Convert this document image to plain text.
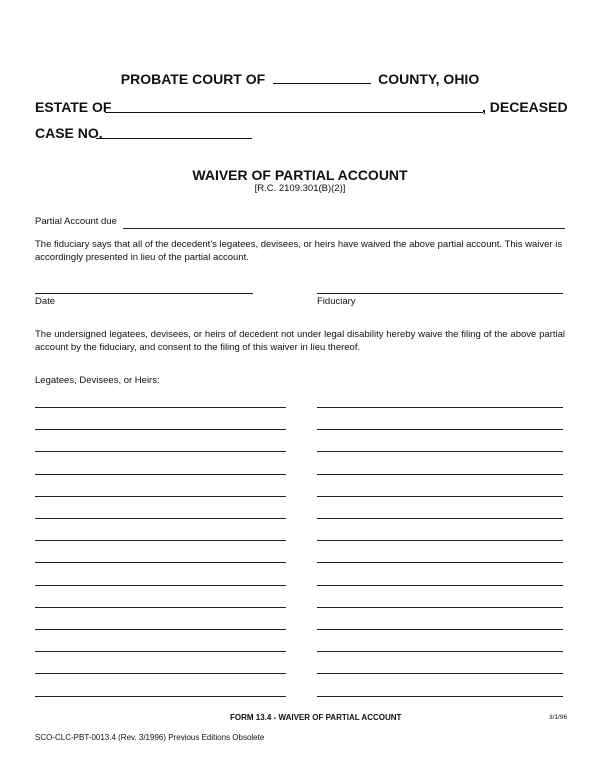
PROBATE COURT OF	COUNTY, OHIO
ESTATE OF	, DECEASED
CASE NO.
WAIVER OF PARTIAL ACCOUNT
[R.C. 2109.301(B)(2)]
Partial Account due
The fiduciary says that all of the decedent's legatees, devisees, or heirs have waived the above partial account. This waiver is accordingly presented in lieu of the partial account.
Date	Fiduciary
The undersigned legatees, devisees, or heirs of decedent not under legal disability hereby waive the filing of the above partial account by the fiduciary, and consent to the filing of this waiver in lieu thereof.
Legatees, Devisees, or Heirs:
FORM 13.4 - WAIVER OF PARTIAL ACCOUNT	3/1/96
SCO-CLC-PBT-0013.4 (Rev. 3/1996) Previous Editions Obsolete
